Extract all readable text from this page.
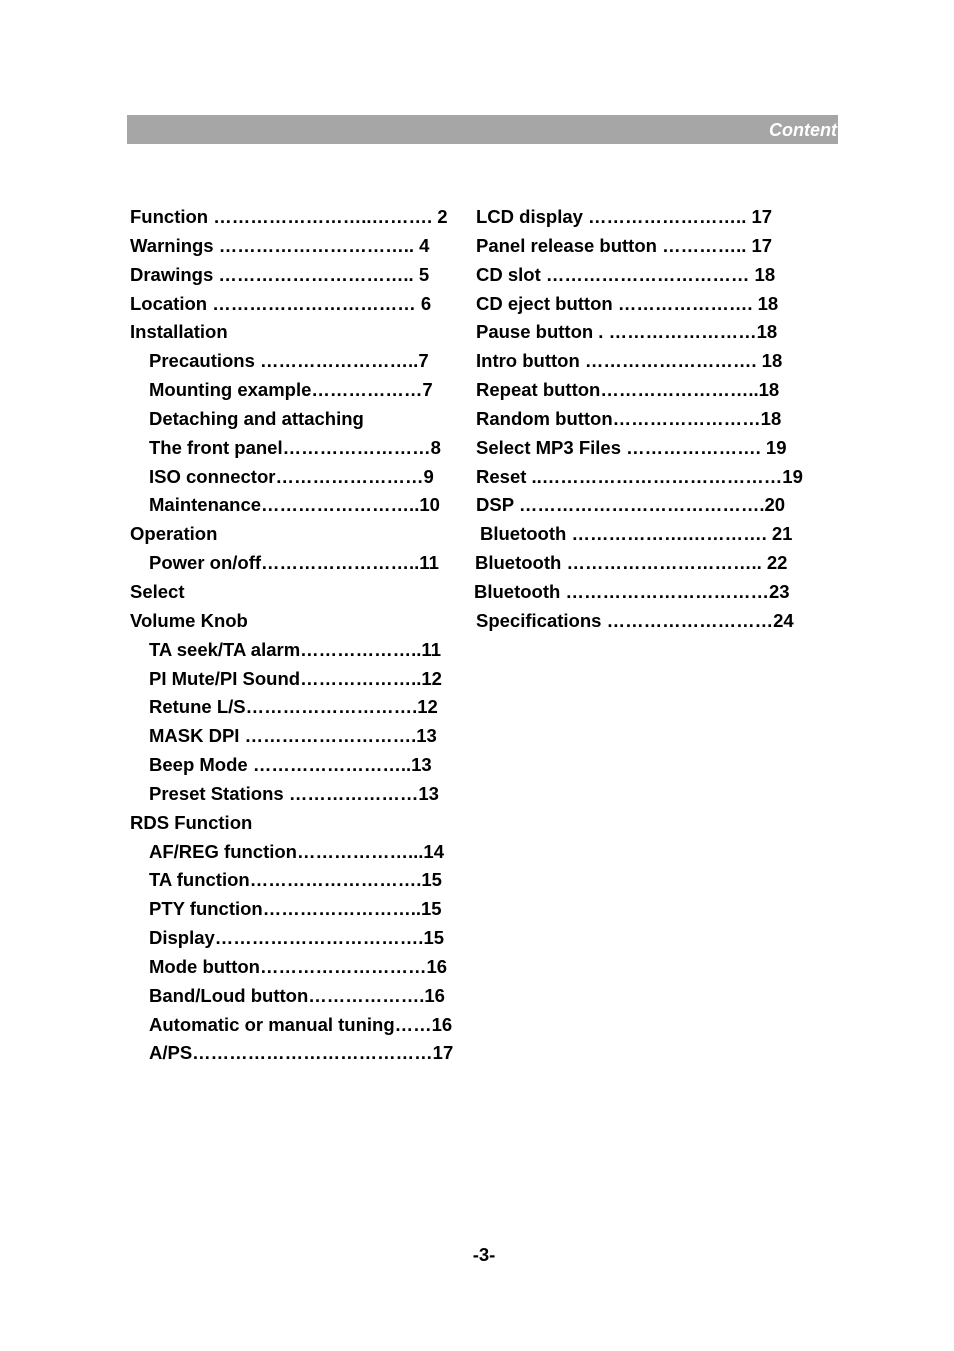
Content
Function ……………………..………. 2
Warnings ………………………….. 4
Drawings ………………………….. 5
Location …………………………… 6
Installation
Precautions ……………………..7
Mounting example………………7
Detaching and attaching
The front panel……………………8
ISO connector……………………9
Maintenance……………………..10
Operation
Power on/off……………………..11
Select
Volume Knob
TA seek/TA alarm………………..11
PI Mute/PI Sound………………..12
Retune L/S……………………….12
MASK DPI ……………………….13
Beep Mode ……………………..13
Preset Stations …………………13
RDS Function
AF/REG function………………...14
TA function……………………….15
PTY function……………………..15
Display…………………………….15
Mode button………………………16
Band/Loud button……………….16
Automatic or manual tuning……16
A/PS…………………………………17
LCD display …………………….. 17
Panel release button ………….. 17
CD slot …………………………… 18
CD eject button …………………. 18
Pause button . ……………………18
Intro button ………………………. 18
Repeat button……………………..18
Random button……………………18
Select MP3 Files …………………. 19
Reset ..…………………………………19
DSP ………………………………….20
Bluetooth ……………….…………. 21
Bluetooth ………………………….. 22
Bluetooth ……………………………23
Specifications ………………………24
-3-
